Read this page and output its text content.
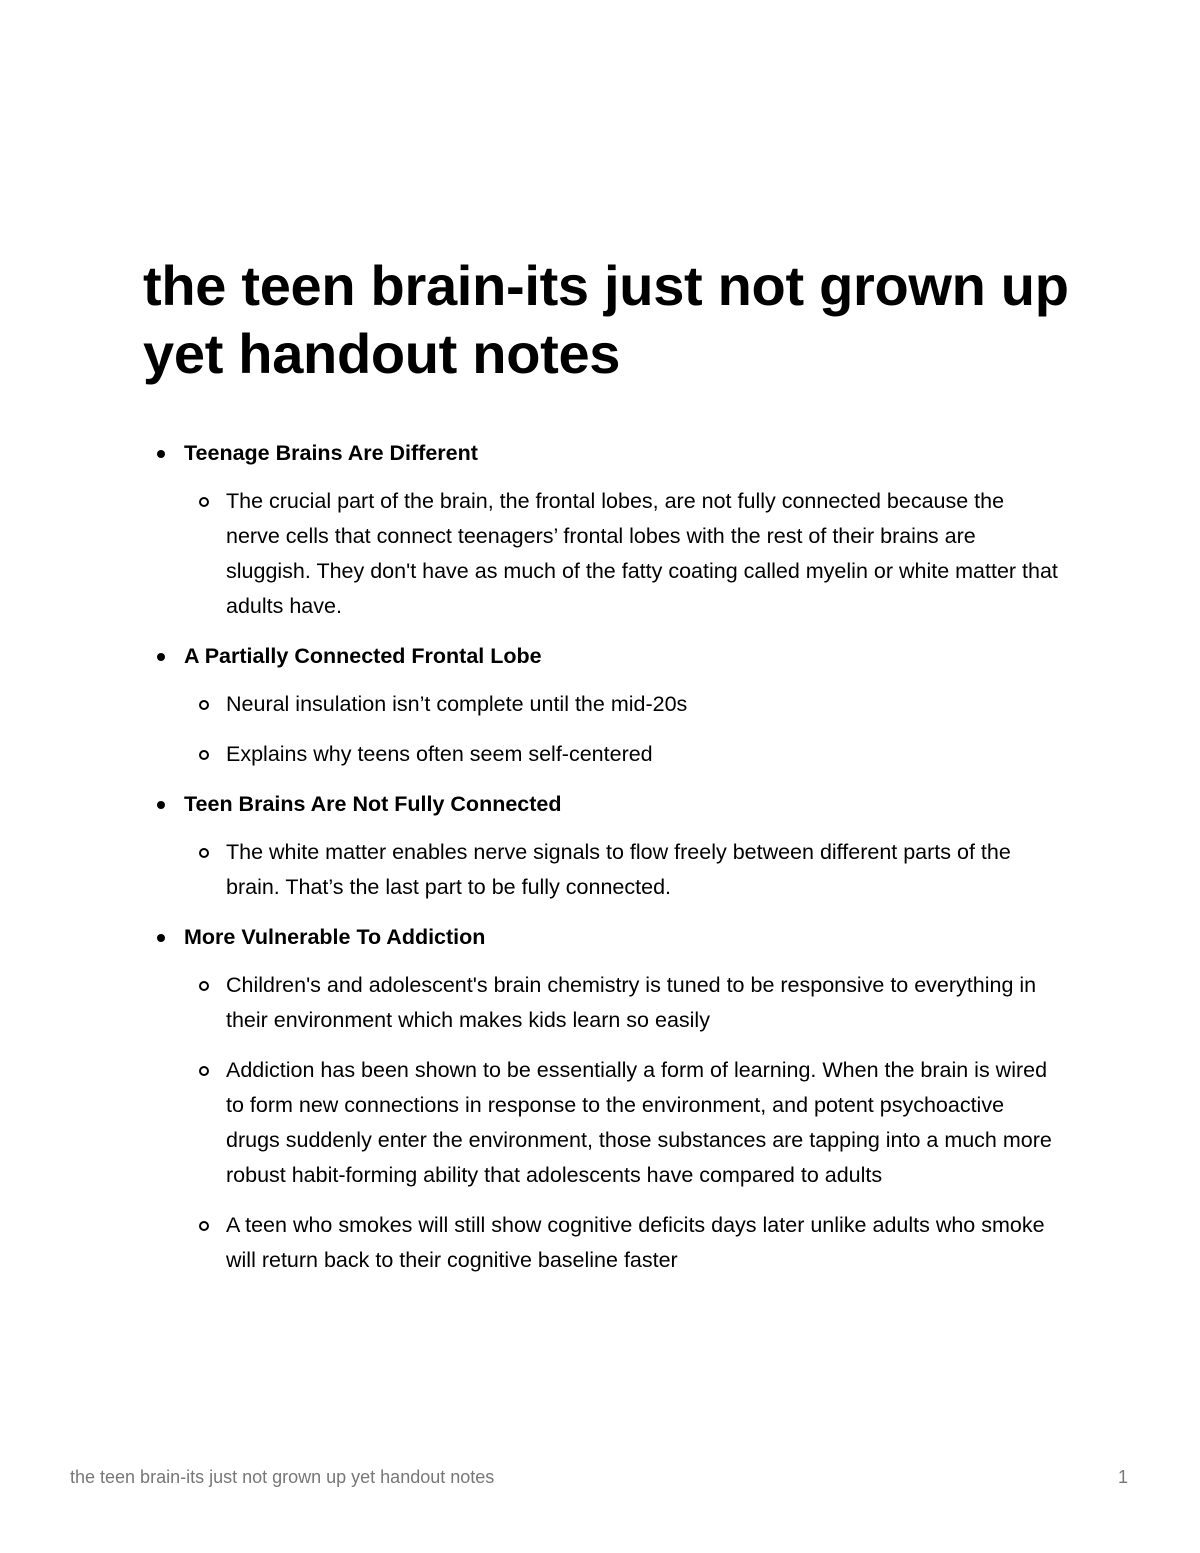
the teen brain-its just not grown up yet handout notes
Teenage Brains Are Different
The crucial part of the brain, the frontal lobes, are not fully connected because the nerve cells that connect teenagers’ frontal lobes with the rest of their brains are sluggish. They don't have as much of the fatty coating called myelin or white matter that adults have.
A Partially Connected Frontal Lobe
Neural insulation isn’t complete until the mid-20s
Explains why teens often seem self-centered
Teen Brains Are Not Fully Connected
The white matter enables nerve signals to flow freely between different parts of the brain. That’s the last part to be fully connected.
More Vulnerable To Addiction
Children's and adolescent's brain chemistry is tuned to be responsive to everything in their environment which makes kids learn so easily
Addiction has been shown to be essentially a form of learning. When the brain is wired to form new connections in response to the environment, and potent psychoactive drugs suddenly enter the environment, those substances are tapping into a much more robust habit-forming ability that adolescents have compared to adults
A teen who smokes will still show cognitive deficits days later unlike adults who smoke will return back to their cognitive baseline faster
the teen brain-its just not grown up yet handout notes	1
